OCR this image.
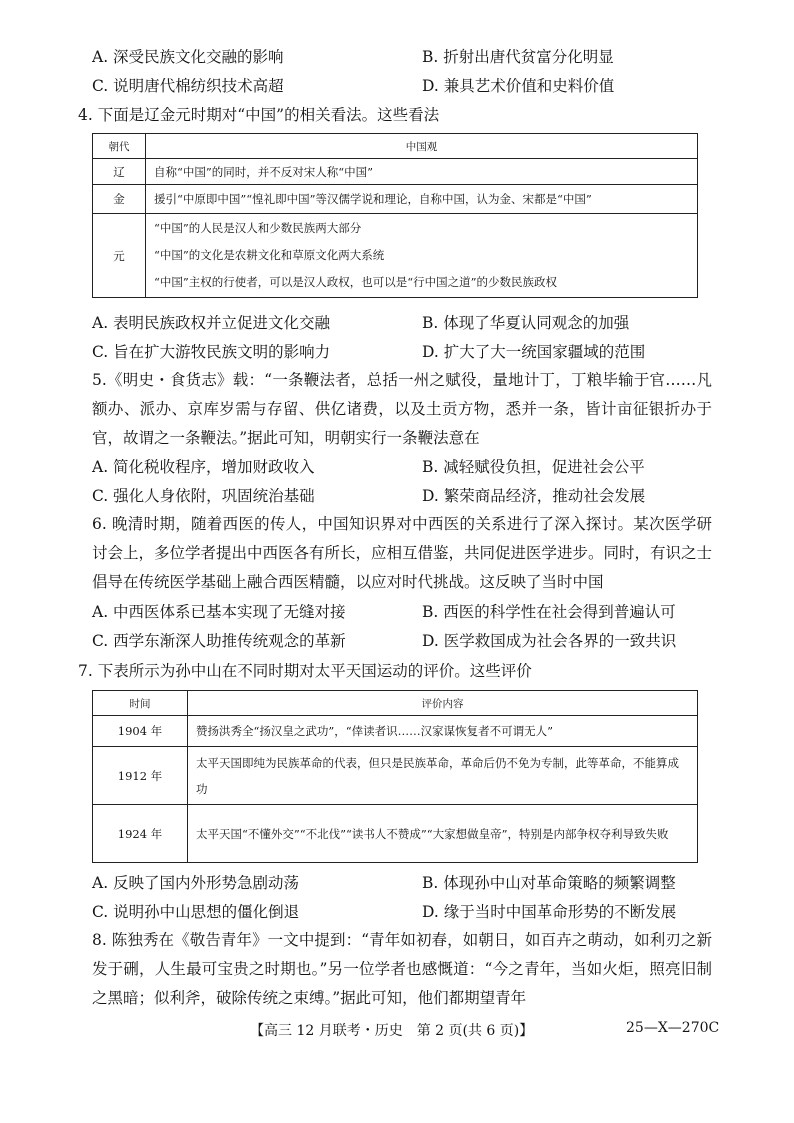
A. 深受民族文化交融的影响	B. 折射出唐代贫富分化明显
C. 说明唐代棉纺织技术高超	D. 兼具艺术价值和史料价值
4. 下面是辽金元时期对“中国”的相关看法。这些看法
朝代	中国观
辽	自称“中国”的同时，并不反对宋人称“中国”
金	援引“中原即中国”“惶礼即中国”等汉儒学说和理论，自称中国，认为金、宋都是“中国”
元	“中国”的人民是汉人和少数民族两大部分
“中国”的文化是农耕文化和草原文化两大系统
“中国”主权的行使者，可以是汉人政权，也可以是“行中国之道”的少数民族政权
A. 表明民族政权并立促进文化交融	B. 体现了华夏认同观念的加强
C. 旨在扩大游牧民族文明的影响力	D. 扩大了大一统国家疆域的范围
5.《明史・食货志》载：“一条鞭法者，总括一州之赋役，量地计丁，丁粮毕输于官……凡额办、派办、京库岁需与存留、供亿诸费，以及土贡方物，悉并一条，皆计亩征银折办于官，故谓之一条鞭法。”据此可知，明朝实行一条鞭法意在
A. 简化税收程序，增加财政收入	B. 减轻赋役负担，促进社会公平
C. 强化人身依附，巩固统治基础	D. 繁荣商品经济，推动社会发展
6. 晚清时期，随着西医的传人，中国知识界对中西医的关系进行了深入探讨。某次医学研讨会上，多位学者提出中西医各有所长，应相互借鉴，共同促进医学进步。同时，有识之士倡导在传统医学基础上融合西医精髓，以应对时代挑战。这反映了当时中国
A. 中西医体系已基本实现了无缝对接	B. 西医的科学性在社会得到普遍认可
C. 西学东渐深人助推传统观念的革新	D. 医学救国成为社会各界的一致共识
7. 下表所示为孙中山在不同时期对太平天国运动的评价。这些评价
时间	评价内容
1904 年	赞扬洪秀全“扬汉皇之武功”，“倖读者识……汉家谋恢复者不可谓无人”
1912 年	太平天国即纯为民族革命的代表，但只是民族革命，革命后仍不免为专制，此等革命，不能算成功
1924 年	太平天国“不懂外交”“不北伐”“读书人不赞成”“大家想做皇帝”，特别是内部争权夺利导致失败
A. 反映了国内外形势急剧动荡	B. 体现孙中山对革命策略的频繁调整
C. 说明孙中山思想的僵化倒退	D. 缘于当时中国革命形势的不断发展
8. 陈独秀在《敬告青年》一文中提到：“青年如初春，如朝日，如百卉之萌动，如利刃之新发于硎，人生最可宝贵之时期也。”另一位学者也感慨道：“今之青年，当如火炬，照亮旧制之黑暗；似利斧，破除传统之束缚。”据此可知，他们都期望青年
【高三 12 月联考・历史　第 2 页(共 6 页)】	25—X—270C
